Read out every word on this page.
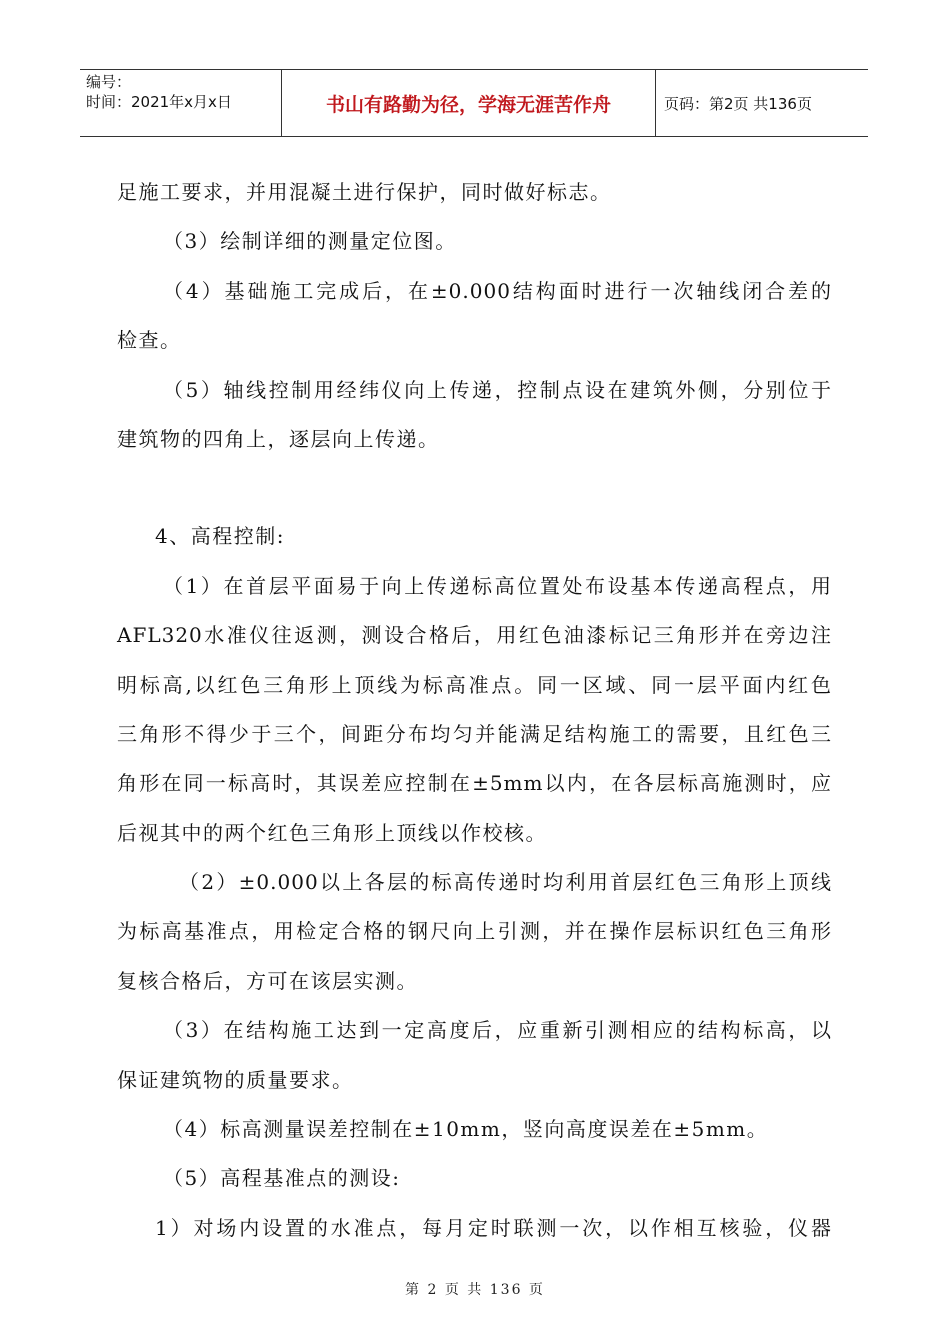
编号：
时间：2021年x月x日	书山有路勤为径，学海无涯苦作舟	页码：第2页 共136页
足施工要求，并用混凝土进行保护，同时做好标志。
（3）绘制详细的测量定位图。
（4）基础施工完成后，在±0.000结构面时进行一次轴线闭合差的
检查。
（5）轴线控制用经纬仪向上传递，控制点设在建筑外侧，分别位于
建筑物的四角上，逐层向上传递。
4、高程控制:
（1）在首层平面易于向上传递标高位置处布设基本传递高程点，用
AFL320水准仪往返测，测设合格后，用红色油漆标记三角形并在旁边注
明标高,以红色三角形上顶线为标高准点。同一区域、同一层平面内红色
三角形不得少于三个，间距分布均匀并能满足结构施工的需要，且红色三
角形在同一标高时，其误差应控制在±5mm以内，在各层标高施测时，应
后视其中的两个红色三角形上顶线以作校核。
（2）±0.000以上各层的标高传递时均利用首层红色三角形上顶线
为标高基准点，用检定合格的钢尺向上引测，并在操作层标识红色三角形
复核合格后，方可在该层实测。
（3）在结构施工达到一定高度后，应重新引测相应的结构标高，以
保证建筑物的质量要求。
（4）标高测量误差控制在±10mm，竖向高度误差在±5mm。
（5）高程基准点的测设:
1）对场内设置的水准点，每月定时联测一次，以作相互核验，仪器
第 2 页 共 136 页
